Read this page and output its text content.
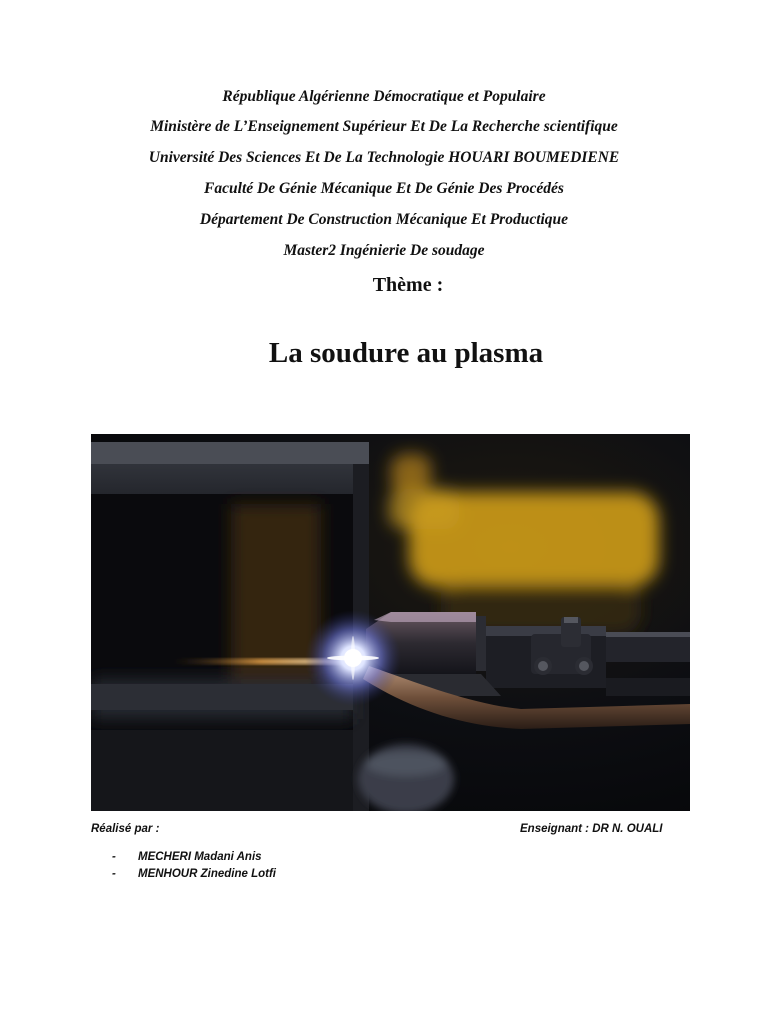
République Algérienne Démocratique et Populaire
Ministère de L’Enseignement Supérieur Et De La Recherche scientifique
Université Des Sciences Et De La Technologie HOUARI BOUMEDIENE
Faculté De Génie Mécanique Et De Génie Des Procédés
Département De Construction Mécanique Et Productique
Master2 Ingénierie De soudage
Thème :
La soudure au plasma
Réalisé par :	Enseignant : DR N. OUALI
- MECHERI Madani Anis
- MENHOUR Zinedine Lotfi
